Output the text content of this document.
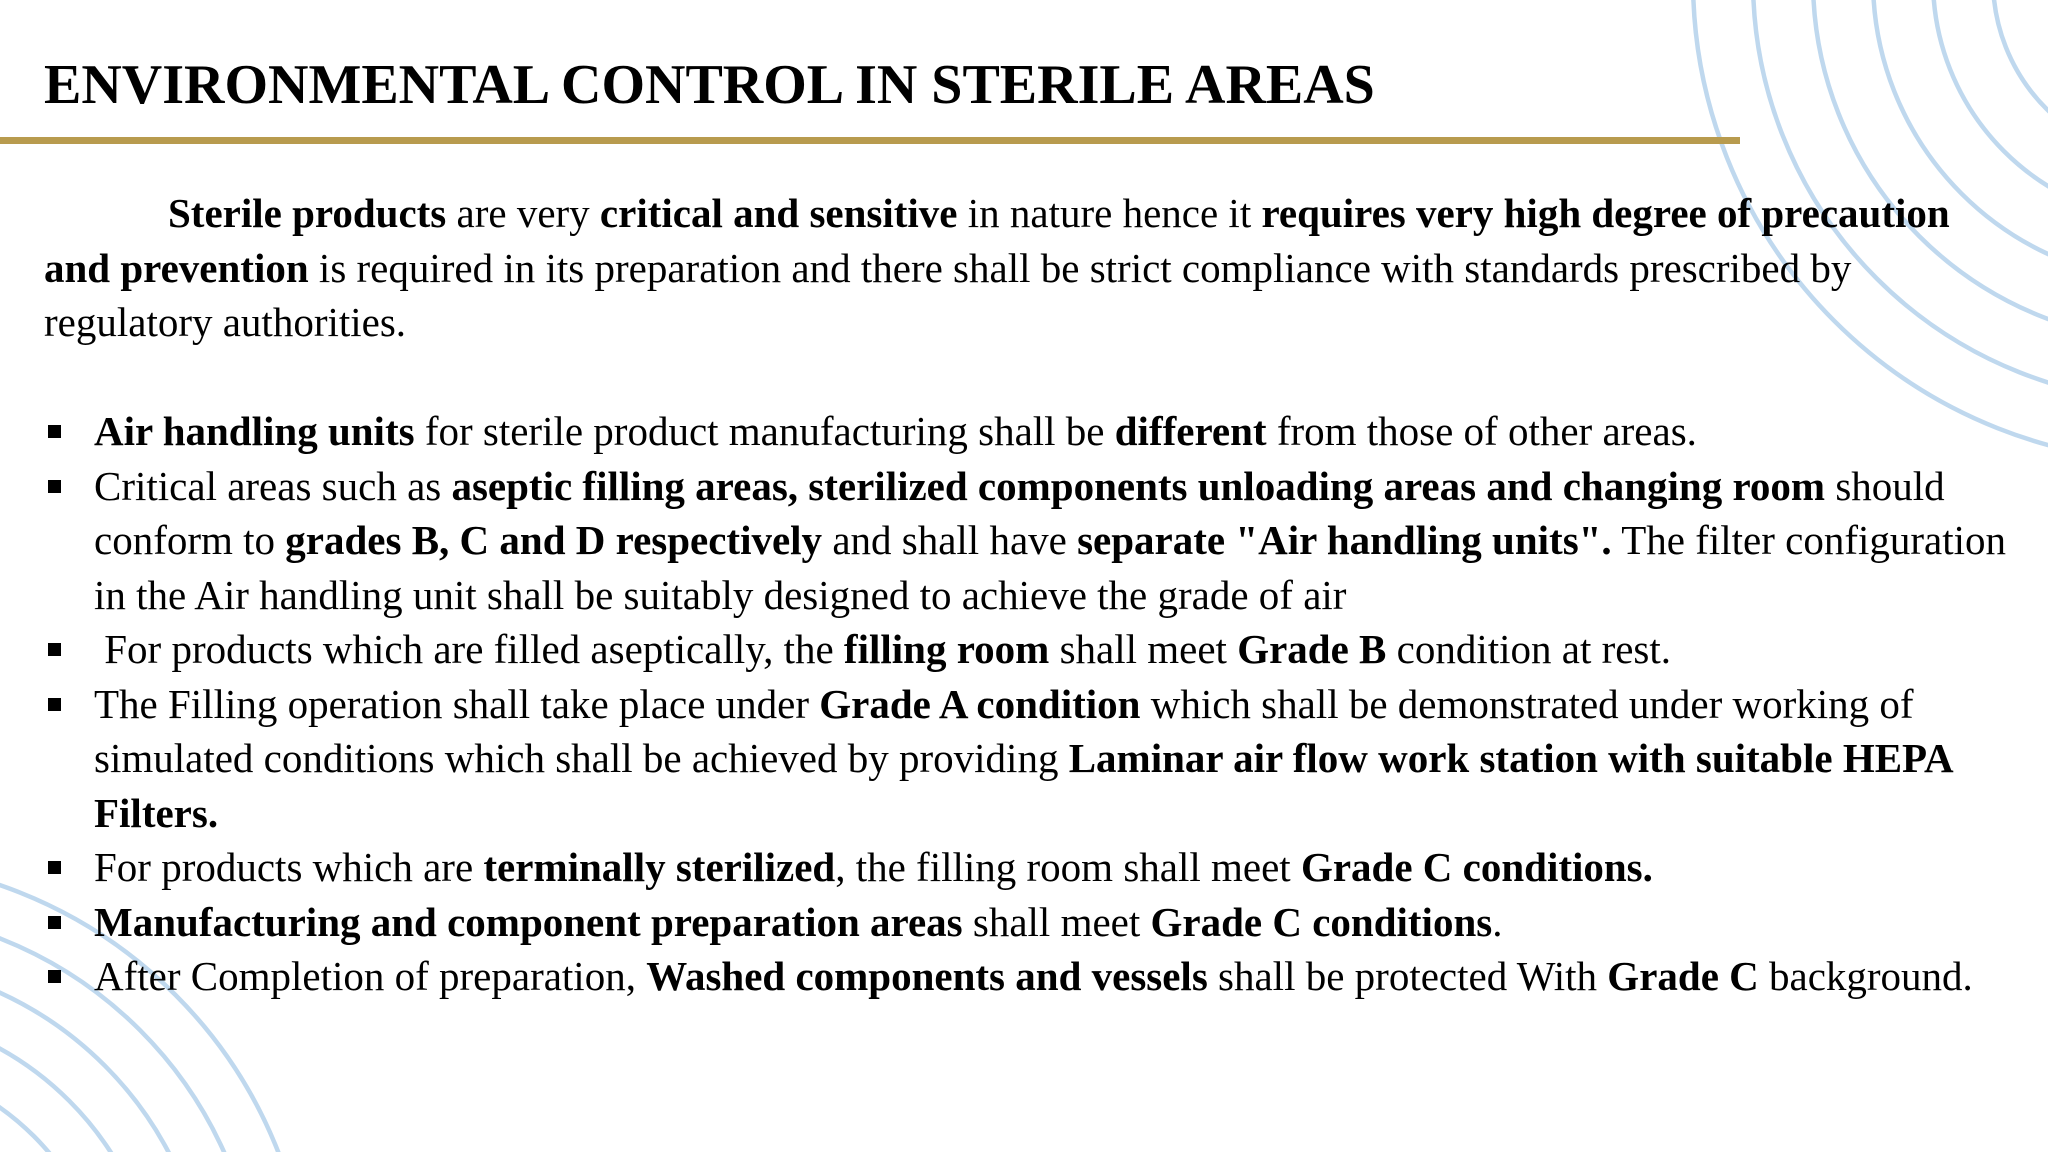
ENVIRONMENTAL CONTROL IN STERILE AREAS

Sterile products are very critical and sensitive in nature hence it requires very high degree of precaution and prevention is required in its preparation and there shall be strict compliance with standards prescribed by regulatory authorities.

Air handling units for sterile product manufacturing shall be different from those of other areas.
Critical areas such as aseptic filling areas, sterilized components unloading areas and changing room should conform to grades B, C and D respectively and shall have separate "Air handling units". The filter configuration in the Air handling unit shall be suitably designed to achieve the grade of air
For products which are filled aseptically, the filling room shall meet Grade B condition at rest.
The Filling operation shall take place under Grade A condition which shall be demonstrated under working of simulated conditions which shall be achieved by providing Laminar air flow work station with suitable HEPA Filters.
For products which are terminally sterilized, the filling room shall meet Grade C conditions.
Manufacturing and component preparation areas shall meet Grade C conditions.
After Completion of preparation, Washed components and vessels shall be protected With Grade C background.
